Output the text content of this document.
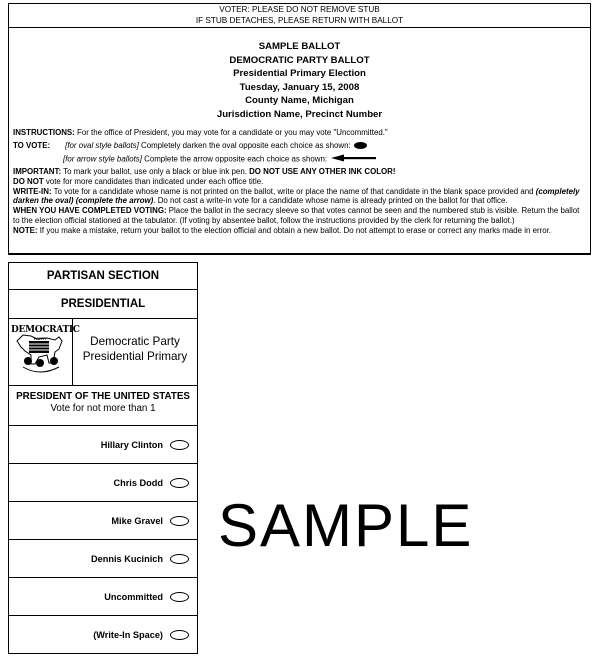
VOTER: PLEASE DO NOT REMOVE STUB
IF STUB DETACHES, PLEASE RETURN WITH BALLOT
SAMPLE BALLOT
DEMOCRATIC PARTY BALLOT
Presidential Primary Election
Tuesday, January 15, 2008
County Name, Michigan
Jurisdiction Name, Precinct Number

INSTRUCTIONS: For the office of President, you may vote for a candidate or you may vote "Uncommitted."

TO VOTE: [for oval style ballots] Completely darken the oval opposite each choice as shown:

[for arrow style ballots] Complete the arrow opposite each choice as shown:

IMPORTANT: To mark your ballot, use only a black or blue ink pen. DO NOT USE ANY OTHER INK COLOR!

DO NOT vote for more candidates than indicated under each office title.

WRITE-IN: To vote for a candidate whose name is not printed on the ballot, write or place the name of that candidate in the blank space provided and (completely darken the oval) (complete the arrow). Do not cast a write-in vote for a candidate whose name is already printed on the ballot for that office.

WHEN YOU HAVE COMPLETED VOTING: Place the ballot in the secracy sleeve so that votes cannot be seen and the numbered stub is visible. Return the ballot to the election official stationed at the tabulator. (If voting by absentee ballot, follow the instructions provided by the clerk for returning the ballot.)

NOTE: If you make a mistake, return your ballot to the election official and obtain a new ballot. Do not attempt to erase or correct any marks made in error.

PARTISAN SECTION
PRESIDENTIAL
DEMOCRATIC
PARTY	Democratic Party
Presidential Primary
PRESIDENT OF THE UNITED STATES
Vote for not more than 1
Hillary Clinton
Chris Dodd
Mike Gravel
Dennis Kucinich
Uncommitted
(Write-In Space)
SAMPLE
